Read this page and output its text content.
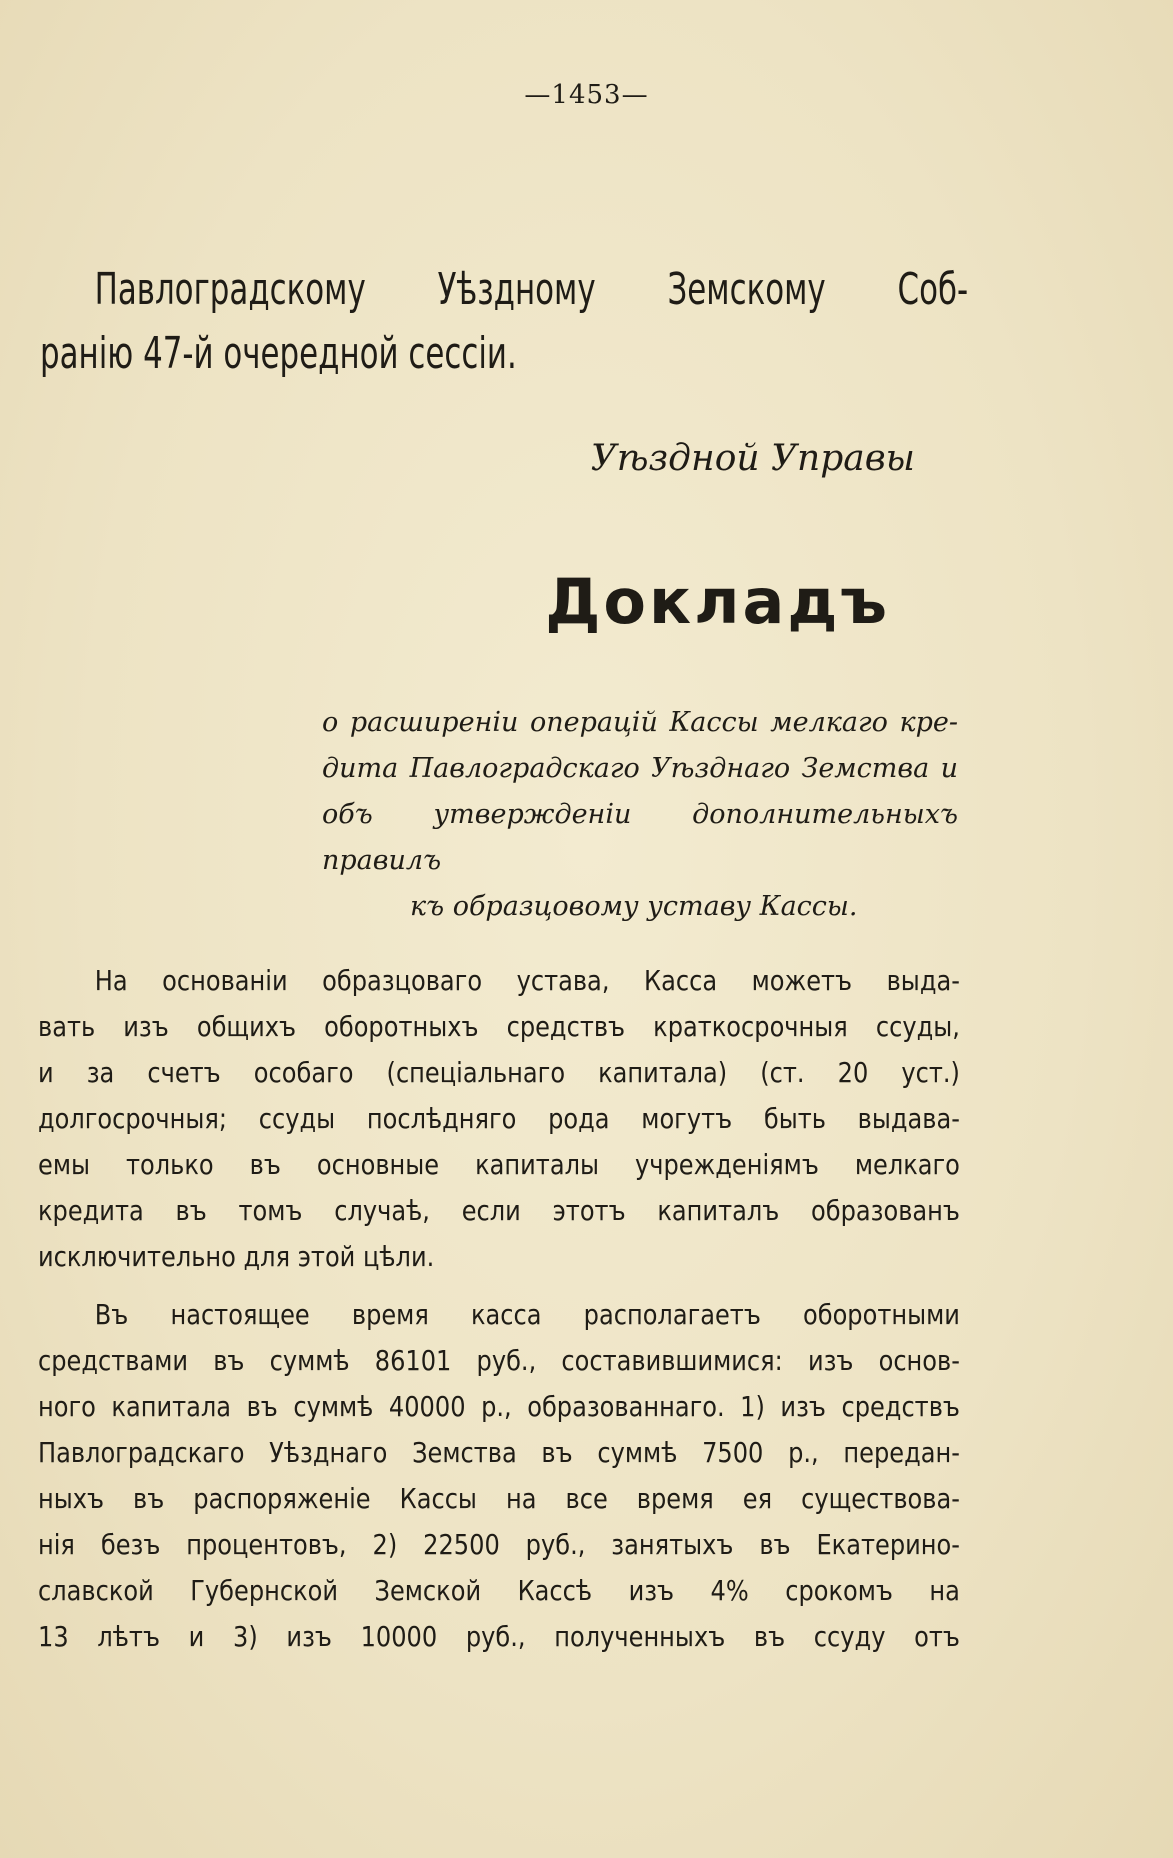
—1453—
Павлоградскому Уѣздному Земскому Соб-
ранію 47-й очередной сессіи.
Уѣздной Управы
Докладъ
о расширеніи операцій Кассы мелкаго кре-
дита Павлоградскаго Уѣзднаго Земства и
объ утвержденіи дополнительныхъ правилъ
къ образцовому уставу Кассы.
На основаніи образцоваго устава, Касса можетъ выда-
вать изъ общихъ оборотныхъ средствъ краткосрочныя ссуды,
и за счетъ особаго (спеціальнаго капитала) (ст. 20 уст.)
долгосрочныя; ссуды послѣдняго рода могутъ быть выдава-
емы только въ основные капиталы учрежденіямъ мелкаго
кредита въ томъ случаѣ, если этотъ капиталъ образованъ
исключительно для этой цѣли.
Въ настоящее время касса располагаетъ оборотными
средствами въ суммѣ 86101 руб., составившимися: изъ основ-
ного капитала въ суммѣ 40000 р., образованнаго. 1) изъ средствъ
Павлоградскаго Уѣзднаго Земства въ суммѣ 7500 р., передан-
ныхъ въ распоряженіе Кассы на все время ея существова-
нія безъ процентовъ, 2) 22500 руб., занятыхъ въ Екатерино-
славской Губернской Земской Кассѣ изъ 4% срокомъ на
13 лѣтъ и 3) изъ 10000 руб., полученныхъ въ ссуду отъ
